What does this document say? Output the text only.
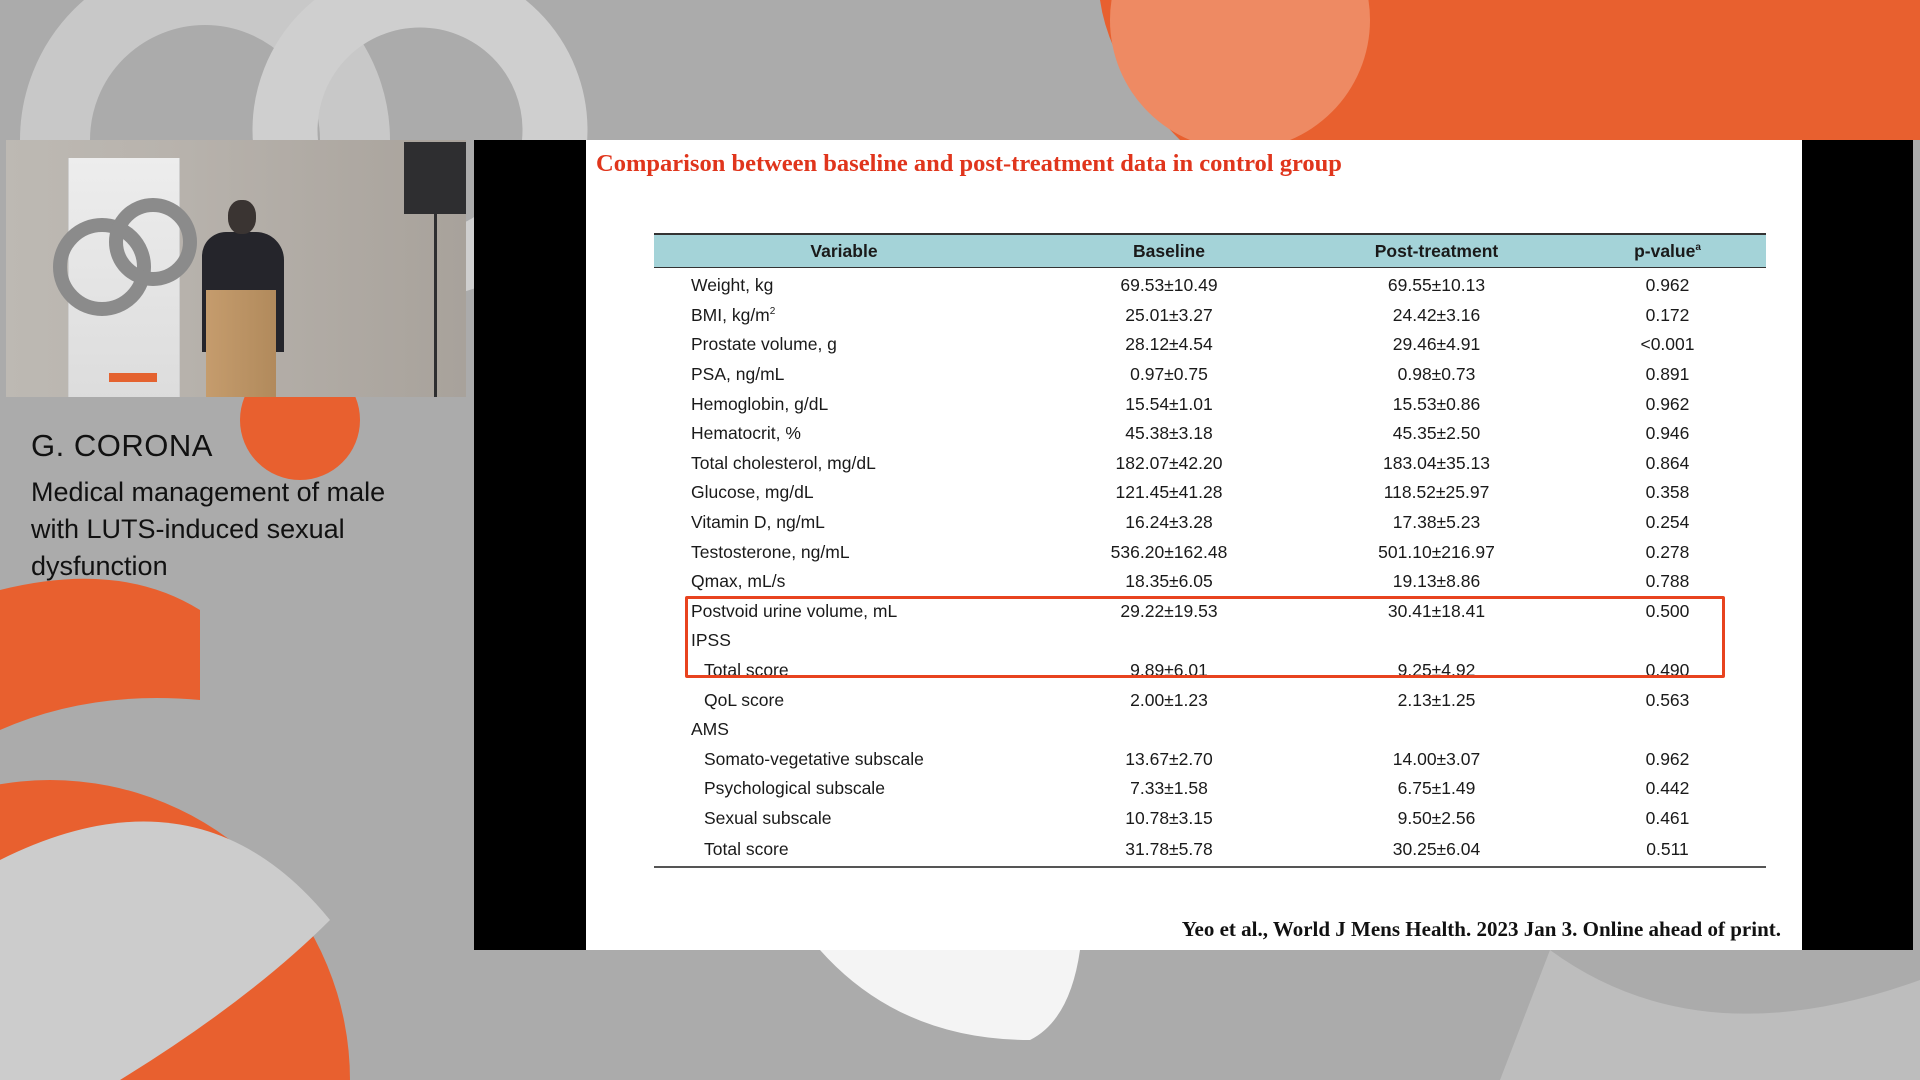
G. CORONA
Medical management of male with LUTS-induced sexual dysfunction
Comparison between baseline and post-treatment data in control group
Variable	Baseline	Post-treatment	p-value$^a$
Weight, kg	69.53±10.49	69.55±10.13	0.962
BMI, $kg/m^2$	25.01±3.27	24.42±3.16	0.172
Prostate volume, g	28.12±4.54	29.46±4.91	<0.001
PSA, ng/mL	0.97±0.75	0.98±0.73	0.891
Hemoglobin, g/dL	15.54±1.01	15.53±0.86	0.962
Hematocrit, %	45.38±3.18	45.35±2.50	0.946
Total cholesterol, mg/dL	182.07±42.20	183.04±35.13	0.864
Glucose, mg/dL	121.45±41.28	118.52±25.97	0.358
Vitamin D, ng/mL	16.24±3.28	17.38±5.23	0.254
Testosterone, ng/mL	536.20±162.48	501.10±216.97	0.278
Qmax, mL/s	18.35±6.05	19.13±8.86	0.788
Postvoid urine volume, mL	29.22±19.53	30.41±18.41	0.500
IPSS			
Total score	9.89±6.01	9.25±4.92	0.490
QoL score	2.00±1.23	2.13±1.25	0.563
AMS			
Somato-vegetative subscale	13.67±2.70	14.00±3.07	0.962
Psychological subscale	7.33±1.58	6.75±1.49	0.442
Sexual subscale	10.78±3.15	9.50±2.56	0.461
Total score	31.78±5.78	30.25±6.04	0.511
Yeo et al., World J Mens Health. 2023 Jan 3. Online ahead of print.
